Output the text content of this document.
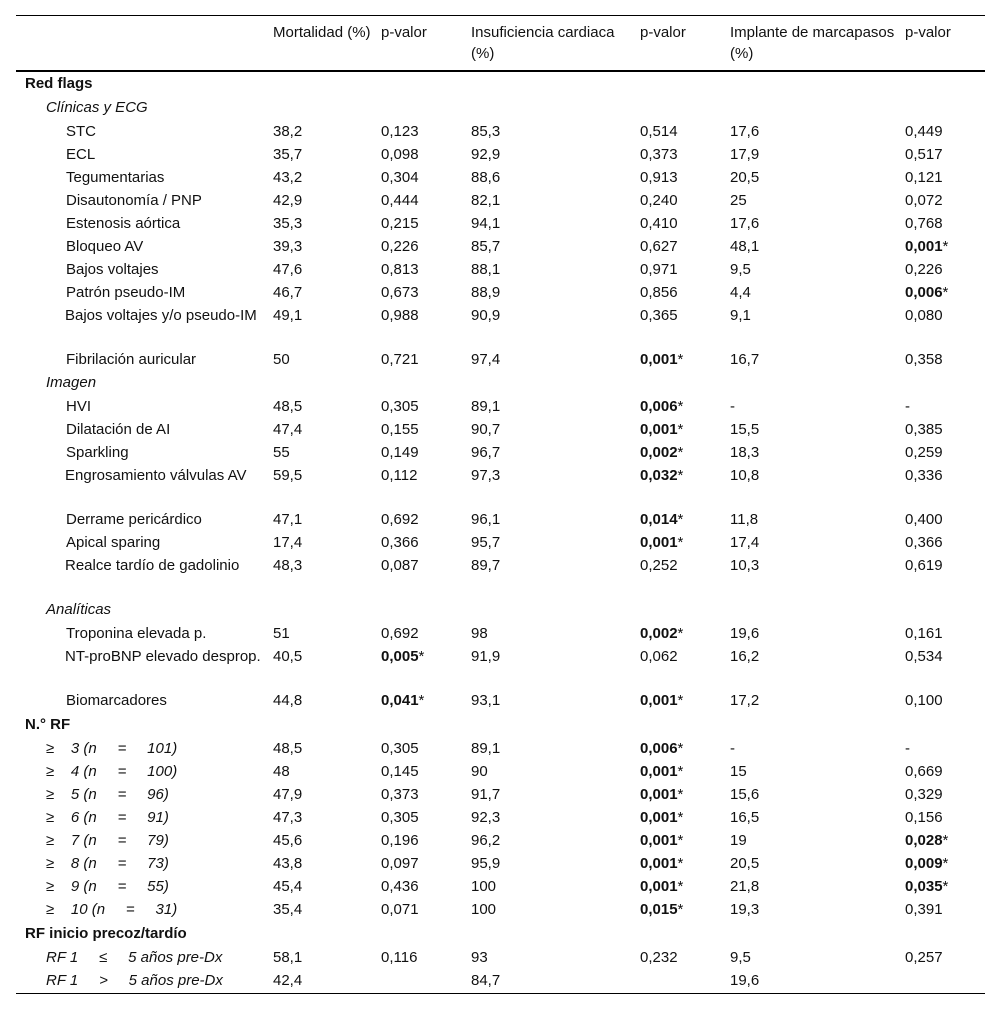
	Mortalidad (%)	p-valor	Insuficiencia cardiaca (%)	p-valor	Implante de marcapasos (%)	p-valor
Red flags						
Clínicas y ECG						
STC	38,2	0,123	85,3	0,514	17,6	0,449
ECL	35,7	0,098	92,9	0,373	17,9	0,517
Tegumentarias	43,2	0,304	88,6	0,913	20,5	0,121
Disautonomía / PNP	42,9	0,444	82,1	0,240	25	0,072
Estenosis aórtica	35,3	0,215	94,1	0,410	17,6	0,768
Bloqueo AV	39,3	0,226	85,7	0,627	48,1	0,001*
Bajos voltajes	47,6	0,813	88,1	0,971	9,5	0,226
Patrón pseudo-IM	46,7	0,673	88,9	0,856	4,4	0,006*
Bajos voltajes y/o pseudo-IM	49,1	0,988	90,9	0,365	9,1	0,080
Fibrilación auricular	50	0,721	97,4	0,001*	16,7	0,358
Imagen						
HVI	48,5	0,305	89,1	0,006*	-	-
Dilatación de AI	47,4	0,155	90,7	0,001*	15,5	0,385
Sparkling	55	0,149	96,7	0,002*	18,3	0,259
Engrosamiento válvulas AV	59,5	0,112	97,3	0,032*	10,8	0,336
Derrame pericárdico	47,1	0,692	96,1	0,014*	11,8	0,400
Apical sparing	17,4	0,366	95,7	0,001*	17,4	0,366
Realce tardío de gadolinio	48,3	0,087	89,7	0,252	10,3	0,619
Analíticas						
Troponina elevada p.	51	0,692	98	0,002*	19,6	0,161
NT-proBNP elevado desprop.	40,5	0,005*	91,9	0,062	16,2	0,534
Biomarcadores	44,8	0,041*	93,1	0,001*	17,2	0,100
N.° RF						
≥    3 (n     =     101)	48,5	0,305	89,1	0,006*	-	-
≥    4 (n     =     100)	48	0,145	90	0,001*	15	0,669
≥    5 (n     =     96)	47,9	0,373	91,7	0,001*	15,6	0,329
≥    6 (n     =     91)	47,3	0,305	92,3	0,001*	16,5	0,156
≥    7 (n     =     79)	45,6	0,196	96,2	0,001*	19	0,028*
≥    8 (n     =     73)	43,8	0,097	95,9	0,001*	20,5	0,009*
≥    9 (n     =     55)	45,4	0,436	100	0,001*	21,8	0,035*
≥    10 (n     =     31)	35,4	0,071	100	0,015*	19,3	0,391
RF inicio precoz/tardío						
RF 1     ≤     5 años pre-Dx	58,1	0,116	93	0,232	9,5	0,257
RF 1     >     5 años pre-Dx	42,4		84,7		19,6	
